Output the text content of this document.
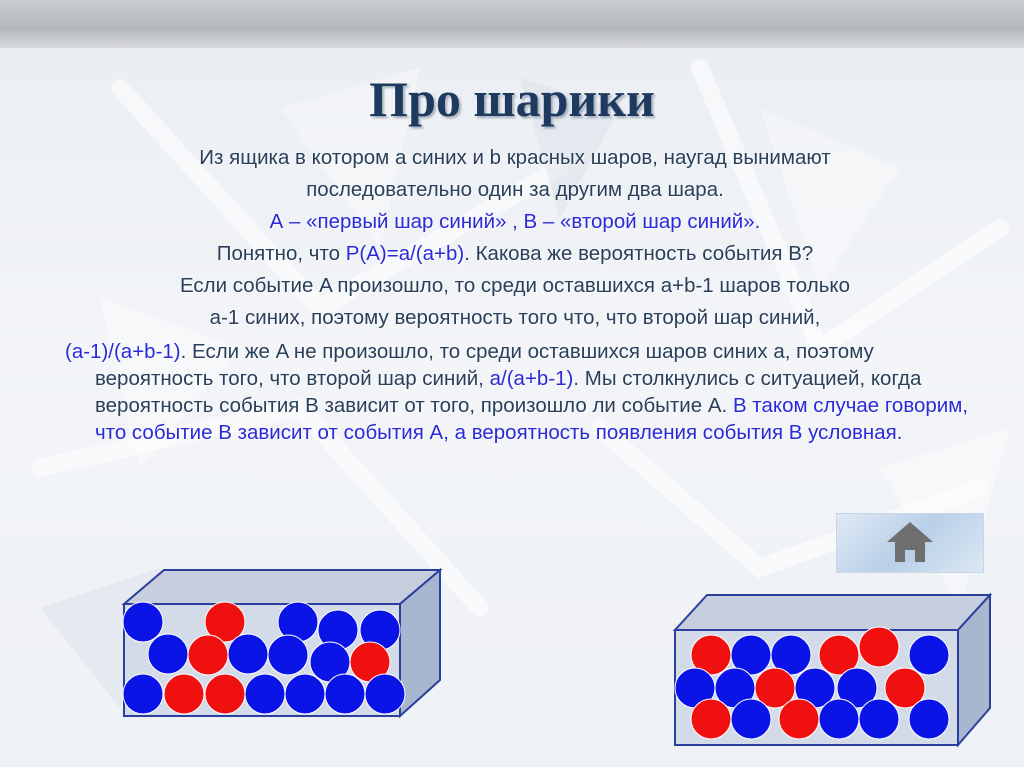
Про шарики
Из ящика в котором a синих и b красных шаров, наугад вынимают
последовательно один за другим два шара.
А – «первый шар синий» , В – «второй шар синий».
Понятно, что P(A)=a/(a+b). Какова же вероятность события B?
Если событие A произошло, то среди оставшихся a+b-1 шаров только
a-1 синих, поэтому вероятность того что, что второй шар синий,
(a-1)/(a+b-1). Если же A не произошло, то среди оставшихся шаров синих a, поэтому вероятность того, что второй шар синий, a/(a+b-1). Мы столкнулись с ситуацией, когда вероятность события B зависит от того, произошло ли событие A. В таком случае говорим, что событие B зависит от события A, а вероятность появления события B условная.
